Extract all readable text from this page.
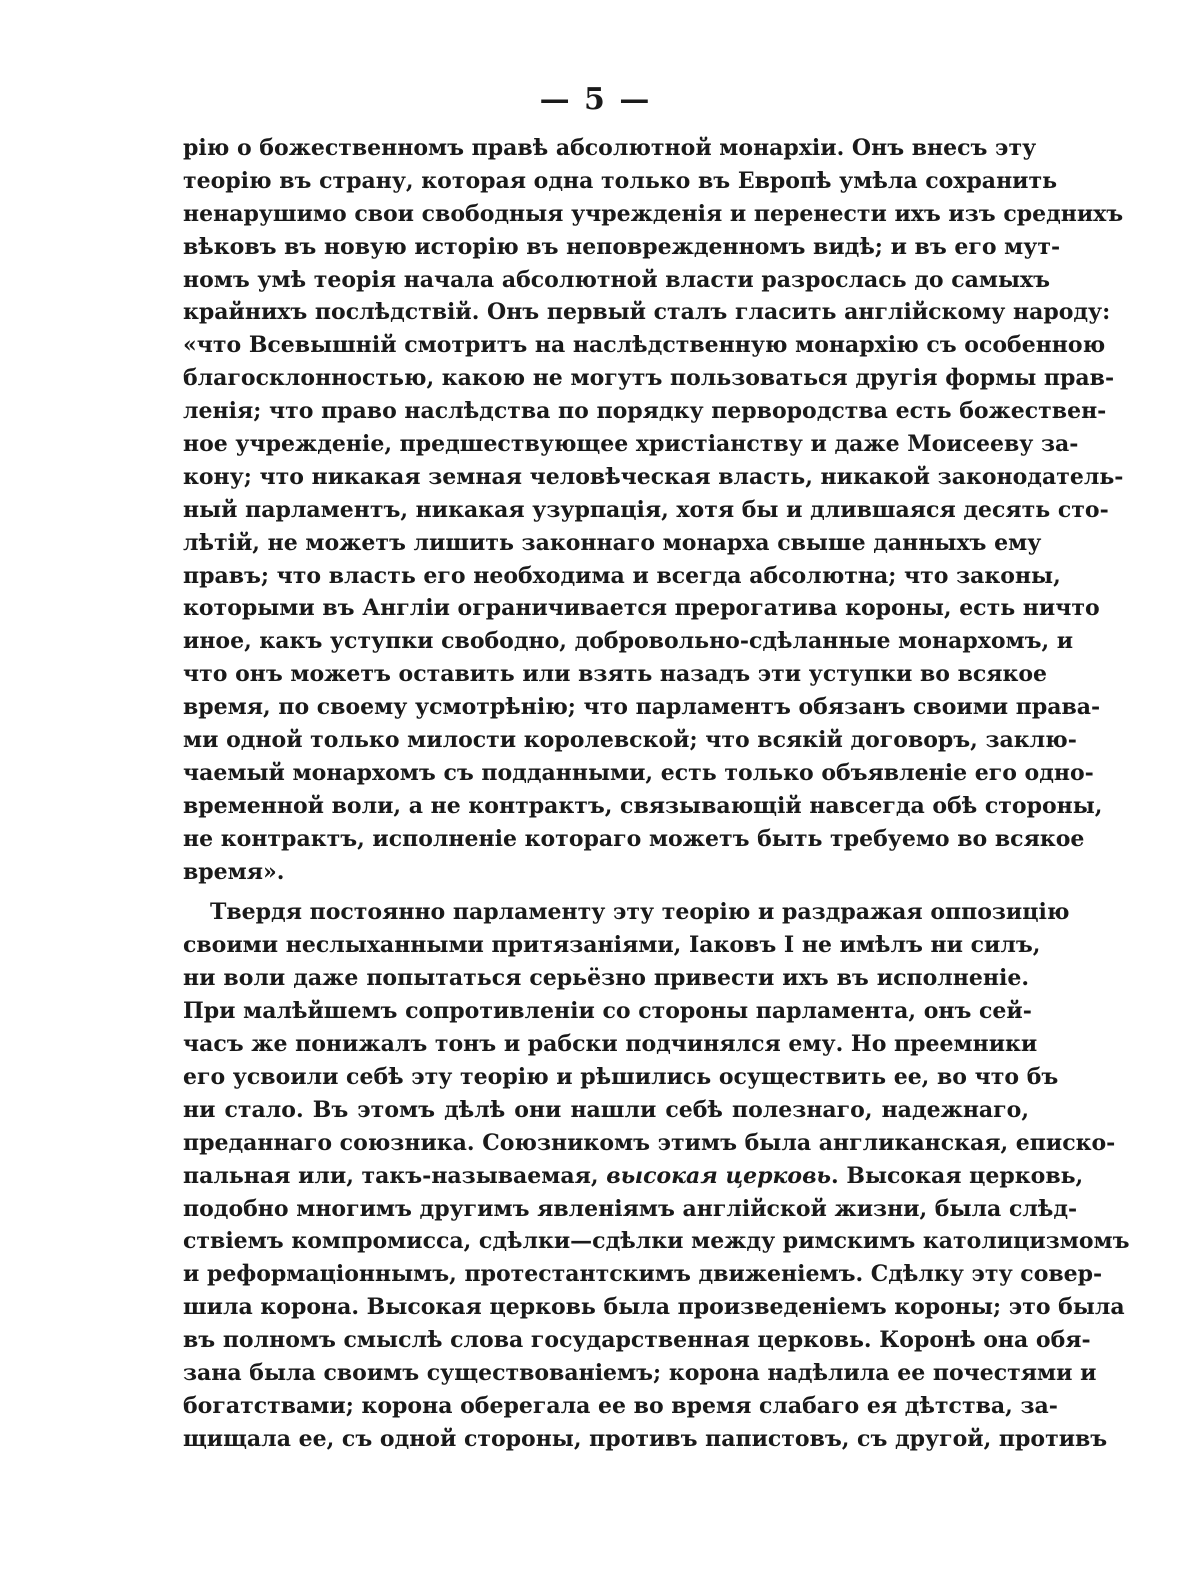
— 5 —
рію о божественномъ правѣ абсолютной монархіи. Онъ внесъ эту
теорію въ страну, которая одна только въ Европѣ умѣла сохранить
ненарушимо свои свободныя учрежденія и перенести ихъ изъ среднихъ
вѣковъ въ новую исторію въ неповрежденномъ видѣ; и въ его мут-
номъ умѣ теорія начала абсолютной власти разрослась до самыхъ
крайнихъ послѣдствій. Онъ первый сталъ гласить англійскому народу:
«что Всевышній смотритъ на наслѣдственную монархію съ особенною
благосклонностью, какою не могутъ пользоваться другія формы прав-
ленія; что право наслѣдства по порядку первородства есть божествен-
ное учрежденіе, предшествующее христіанству и даже Моисееву за-
кону; что никакая земная человѣческая власть, никакой законодатель-
ный парламентъ, никакая узурпація, хотя бы и длившаяся десять сто-
лѣтій, не можетъ лишить законнаго монарха свыше данныхъ ему
правъ; что власть его необходима и всегда абсолютна; что законы,
которыми въ Англіи ограничивается прерогатива короны, есть ничто
иное, какъ уступки свободно, добровольно-сдѣланные монархомъ, и
что онъ можетъ оставить или взять назадъ эти уступки во всякое
время, по своему усмотрѣнію; что парламентъ обязанъ своими права-
ми одной только милости королевской; что всякій договоръ, заклю-
чаемый монархомъ съ подданными, есть только объявленіе его одно-
временной воли, а не контрактъ, связывающій навсегда обѣ стороны,
не контрактъ, исполненіе котораго можетъ быть требуемо во всякое
время».
Твердя постоянно парламенту эту теорію и раздражая оппозицію
своими неслыханными притязаніями, Іаковъ I не имѣлъ ни силъ,
ни воли даже попытаться серьёзно привести ихъ въ исполненіе.
При малѣйшемъ сопротивленіи со стороны парламента, онъ сей-
часъ же понижалъ тонъ и рабски подчинялся ему. Но преемники
его усвоили себѣ эту теорію и рѣшились осуществить ее, во что бъ
ни стало. Въ этомъ дѣлѣ они нашли себѣ полезнаго, надежнаго,
преданнаго союзника. Союзникомъ этимъ была англиканская, еписко-
пальная или, такъ-называемая, высокая церковь. Высокая церковь,
подобно многимъ другимъ явленіямъ англійской жизни, была слѣд-
ствіемъ компромисса, сдѣлки—сдѣлки между римскимъ католицизмомъ
и реформаціоннымъ, протестантскимъ движеніемъ. Сдѣлку эту совер-
шила корона. Высокая церковь была произведеніемъ короны; это была
въ полномъ смыслѣ слова государственная церковь. Коронѣ она обя-
зана была своимъ существованіемъ; корона надѣлила ее почестями и
богатствами; корона оберегала ее во время слабаго ея дѣтства, за-
щищала ее, съ одной стороны, противъ папистовъ, съ другой, противъ
